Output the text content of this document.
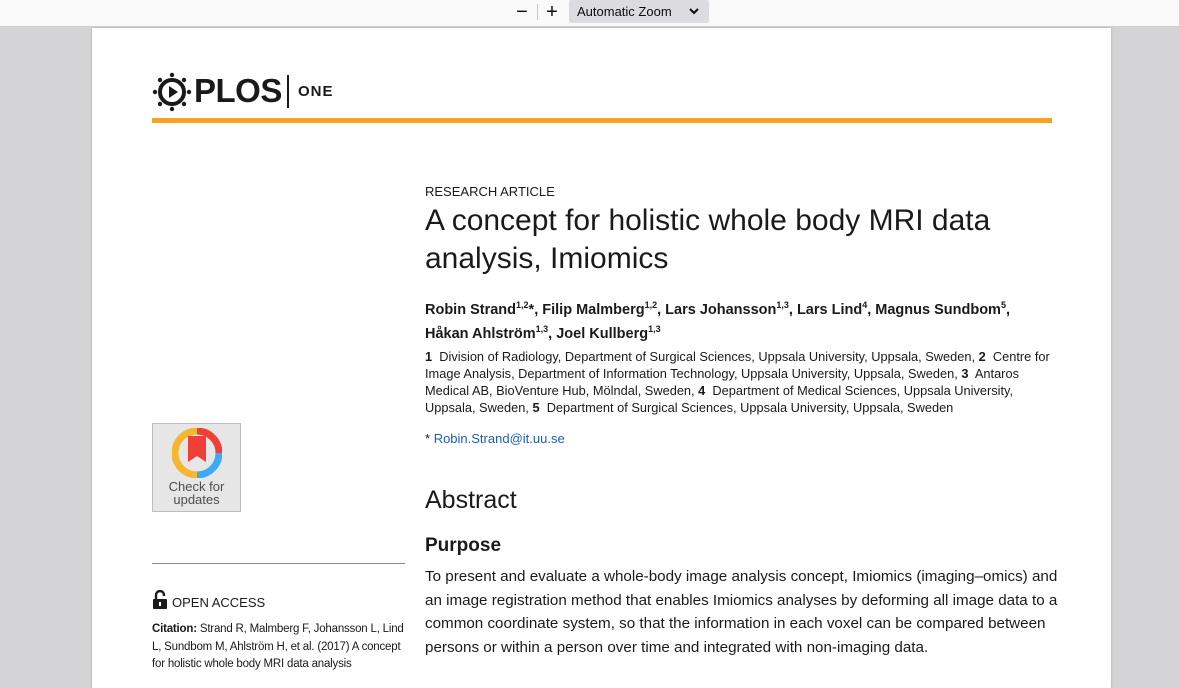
− +	Automatic Zoom
PLOS ONE
RESEARCH ARTICLE
A concept for holistic whole body MRI data analysis, Imiomics
Robin Strand$^{1,2}$*, Filip Malmberg$^{1,2}$, Lars Johansson$^{1,3}$, Lars Lind$^4$, Magnus Sundbom$^5$,
Håkan Ahlström$^{1,3}$, Joel Kullberg$^{1,3}$
1 Division of Radiology, Department of Surgical Sciences, Uppsala University, Uppsala, Sweden, 2 Centre for Image Analysis, Department of Information Technology, Uppsala University, Uppsala, Sweden, 3 Antaros Medical AB, BioVenture Hub, Mölndal, Sweden, 4 Department of Medical Sciences, Uppsala University, Uppsala, Sweden, 5 Department of Surgical Sciences, Uppsala University, Uppsala, Sweden
* Robin.Strand@it.uu.se
Abstract
Purpose
To present and evaluate a whole-body image analysis concept, Imiomics (imaging–omics) and an image registration method that enables Imiomics analyses by deforming all image data to a common coordinate system, so that the information in each voxel can be compared between persons or within a person over time and integrated with non-imaging data.
Check for
updates
OPEN ACCESS
Citation: Strand R, Malmberg F, Johansson L, Lind L, Sundbom M, Ahlström H, et al. (2017) A concept for holistic whole body MRI data analysis
